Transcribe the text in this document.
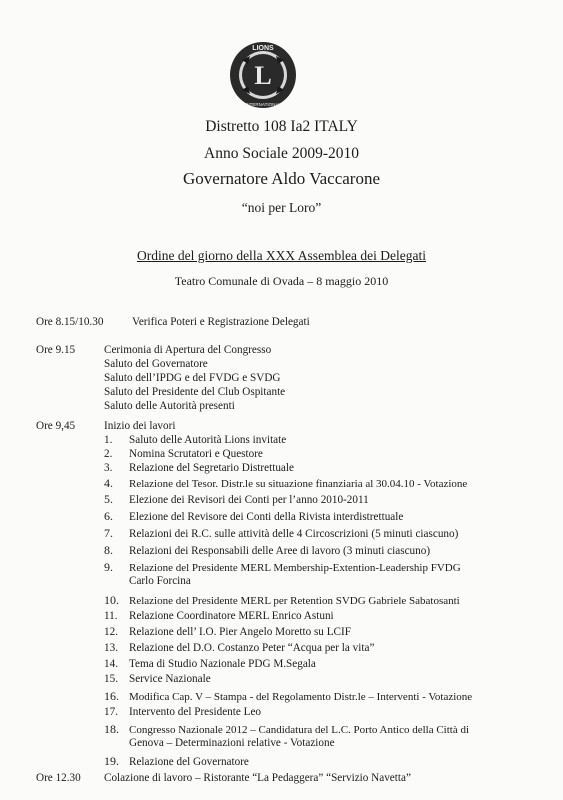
L
LIONS
INTERNATIONAL
Distretto 108 Ia2 ITALY
Anno Sociale 2009-2010
Governatore Aldo Vaccarone
“noi per Loro”
Ordine del giorno della XXX Assemblea dei Delegati
Teatro Comunale di Ovada – 8 maggio 2010
Ore 8.15/10.30	Verifica Poteri e Registrazione Delegati
Ore 9.15	Cerimonia di Apertura del Congresso
Saluto del Governatore
Saluto dell’IPDG e del FVDG e SVDG
Saluto del Presidente del Club Ospitante
Saluto delle Autorità presenti
Ore 9,45	Inizio dei lavori
1. Saluto delle Autorità Lions invitate
2. Nomina Scrutatori e Questore
3. Relazione del Segretario Distrettuale
4. Relazione del Tesor. Distr.le su situazione finanziaria al 30.04.10 - Votazione
5. Elezione dei Revisori dei Conti per l’anno 2010-2011
6. Elezione del Revisore dei Conti della Rivista interdistrettuale
7. Relazioni dei R.C. sulle attività delle 4 Circoscrizioni (5 minuti ciascuno)
8. Relazioni dei Responsabili delle Aree di lavoro (3 minuti ciascuno)
9. Relazione del Presidente MERL Membership-Extention-Leadership FVDG
Carlo Forcina
10. Relazione del Presidente MERL per Retention SVDG Gabriele Sabatosanti
11. Relazione Coordinatore MERL Enrico Astuni
12. Relazione dell’ I.O. Pier Angelo Moretto su LCIF
13. Relazione del D.O. Costanzo Peter “Acqua per la vita”
14. Tema di Studio Nazionale PDG M.Segala
15. Service Nazionale
16. Modifica Cap. V – Stampa - del Regolamento Distr.le – Interventi - Votazione
17. Intervento del Presidente Leo
18. Congresso Nazionale 2012 – Candidatura del L.C. Porto Antico della Città di
Genova – Determinazioni relative - Votazione
19. Relazione del Governatore
Ore 12.30 Colazione di lavoro – Ristorante “La Pedaggera” “Servizio Navetta”
